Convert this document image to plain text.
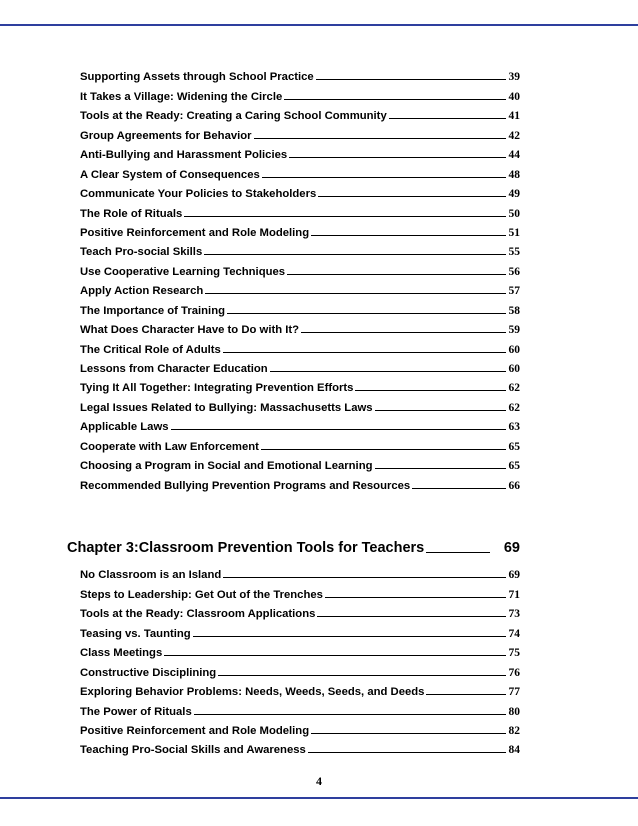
Supporting Assets through School Practice	39
It Takes a Village: Widening the Circle	40
Tools at the Ready: Creating a Caring School Community	41
Group Agreements for Behavior	42
Anti-Bullying and Harassment Policies	44
A Clear System of Consequences	48
Communicate Your Policies to Stakeholders	49
The Role of Rituals	50
Positive Reinforcement and Role Modeling	51
Teach Pro-social Skills	55
Use Cooperative Learning Techniques	56
Apply Action Research	57
The Importance of Training	58
What Does Character Have to Do with It?	59
The Critical Role of Adults	60
Lessons from Character Education	60
Tying It All Together: Integrating Prevention Efforts	62
Legal Issues Related to Bullying: Massachusetts Laws	62
Applicable Laws	63
Cooperate with Law Enforcement	65
Choosing a Program in Social and Emotional Learning	65
Recommended Bullying Prevention Programs and Resources	66
Chapter 3:Classroom Prevention Tools for Teachers	69
No Classroom is an Island	69
Steps to Leadership: Get Out of the Trenches	71
Tools at the Ready: Classroom Applications	73
Teasing vs. Taunting	74
Class Meetings	75
Constructive Disciplining	76
Exploring Behavior Problems: Needs, Weeds, Seeds, and Deeds	77
The Power of Rituals	80
Positive Reinforcement and Role Modeling	82
Teaching Pro-Social Skills and Awareness	84
4
